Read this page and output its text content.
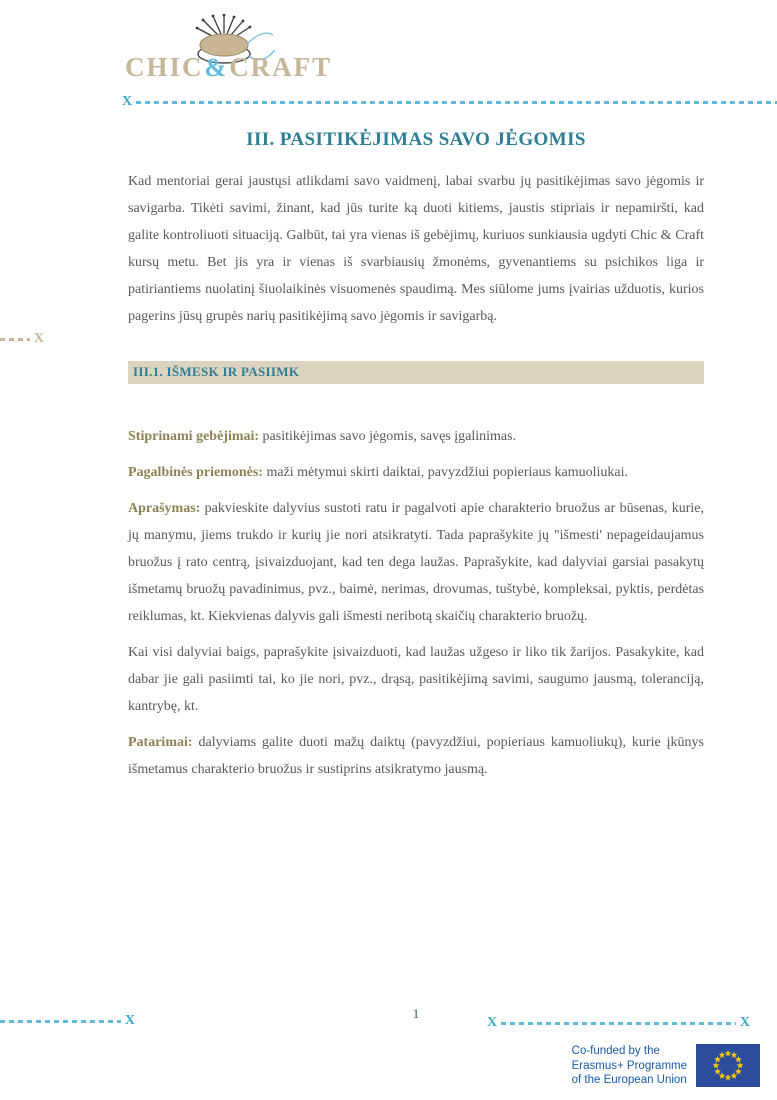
CHIC&CRAFT
X
X
III. PASITIKĖJIMAS SAVO JĖGOMIS

Kad mentoriai gerai jaustųsi atlikdami savo vaidmenį, labai svarbu jų pasitikėjimas savo jėgomis ir savigarba. Tikėti savimi, žinant, kad jūs turite ką duoti kitiems, jaustis stipriais ir nepamiršti, kad galite kontroliuoti situaciją. Galbūt, tai yra vienas iš gebėjimų, kuriuos sunkiausia ugdyti Chic & Craft kursų metu. Bet jis yra ir vienas iš svarbiausių žmonėms, gyvenantiems su psichikos liga ir patiriantiems nuolatinį šiuolaikinės visuomenės spaudimą. Mes siūlome jums įvairias užduotis, kurios pagerins jūsų grupės narių pasitikėjimą savo jėgomis ir savigarbą.

III.1. IŠMESK IR PASIIMK

Stiprinami gebėjimai: pasitikėjimas savo jėgomis, savęs įgalinimas.

Pagalbinės priemonės: maži mėtymui skirti daiktai, pavyzdžiui popieriaus kamuoliukai.

Aprašymas: pakvieskite dalyvius sustoti ratu ir pagalvoti apie charakterio bruožus ar būsenas, kurie, jų manymu, jiems trukdo ir kurių jie nori atsikratyti. Tada paprašykite jų "išmesti' nepageidaujamus bruožus į rato centrą, įsivaizduojant, kad ten dega laužas. Paprašykite, kad dalyviai garsiai pasakytų išmetamų bruožų pavadinimus, pvz., baimė, nerimas, drovumas, tuštybė, kompleksai, pyktis, perdėtas reiklumas, kt. Kiekvienas dalyvis gali išmesti neribotą skaičių charakterio bruožų.

Kai visi dalyviai baigs, paprašykite įsivaizduoti, kad laužas užgeso ir liko tik žarijos. Pasakykite, kad dabar jie gali pasiimti tai, ko jie nori, pvz., drąsą, pasitikėjimą savimi, saugumo jausmą, toleranciją, kantrybę, kt.

Patarimai: dalyviams galite duoti mažų daiktų (pavyzdžiui, popieriaus kamuoliukų), kurie įkūnys išmetamus charakterio bruožus ir sustiprins atsikratymo jausmą.

X	1
X	X
Co-funded by the
Erasmus+ Programme
of the European Union
